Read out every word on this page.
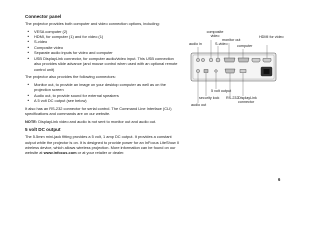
Connector panel
The projector provides both computer and video connection options, including:
• VESA computer (2)
• HDMI, for computer (1) and for video (1)
• S-video
• Composite video
• Separate audio inputs for video and computer
• USB DisplayLink connector, for computer audio/video input. This USB connection also provides slide advance (and mouse control when used with an optional remote control unit)
The projector also provides the following connectors:
• Monitor out, to provide an image on your desktop computer as well as on the projection screen
• Audio out, to provide sound for external speakers
• A 5 volt DC output (see below)
It also has an RS-232 connector for serial control. The Command Line Interface (CLI) specifications and commands are on our website.
NOTE: DisplayLink video and audio is not sent to monitor out and audio out.
5 volt DC output
The 5.5mm mini-jack fitting provides a 5 volt, 1 amp DC output. It provides a constant output while the projector is on. It is designed to provide power for an InFocus LiteShow II wireless device, which allows wireless projection. More information can be found on our website at www.infocus.com or at your retailer or dealer.
audio in
composite video
monitor out
S-video
HDMI for video
computer
5 volt output
audio out
security lock RS-232 DisplayLink connector
6
